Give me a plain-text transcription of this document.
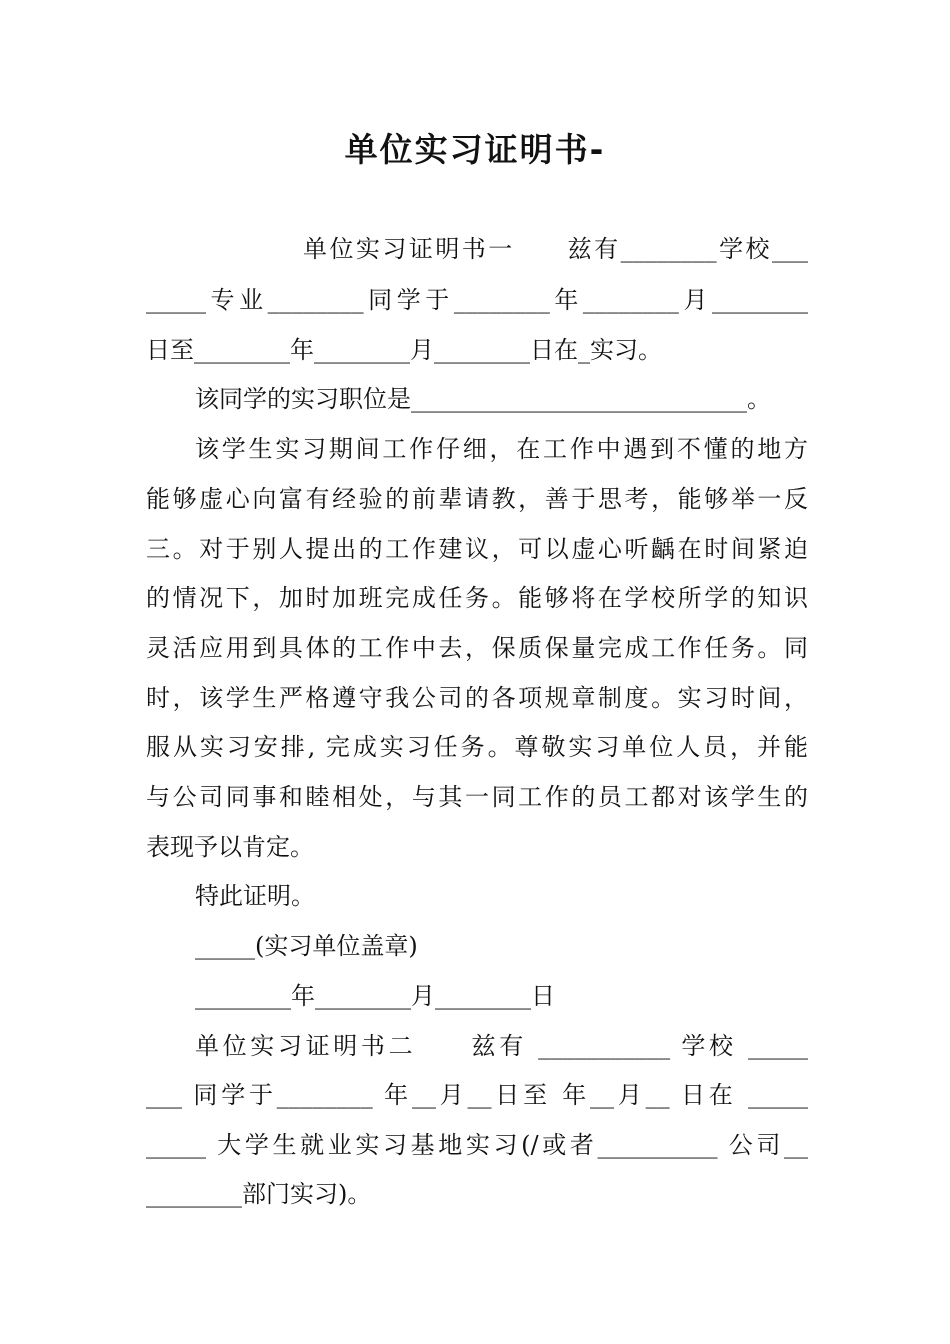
单位实习证明书-
单位实习证明书一　　兹有________学校___
_____专业________同学于________年________月________
日至________年________月________日在_实习。
该同学的实习职位是____________________________。
该学生实习期间工作仔细，在工作中遇到不懂的地方
能够虚心向富有经验的前辈请教，善于思考，能够举一反
三。对于别人提出的工作建议，可以虚心听齲在时间紧迫
的情况下，加时加班完成任务。能够将在学校所学的知识
灵活应用到具体的工作中去，保质保量完成工作任务。同
时，该学生严格遵守我公司的各项规章制度。实习时间，
服从实习安排, 完成实习任务。尊敬实习单位人员，并能
与公司同事和睦相处，与其一同工作的员工都对该学生的
表现予以肯定。
特此证明。
_____(实习单位盖章)
________年________月________日
单位实习证明书二　　兹有 ___________ 学校 _____
___ 同学于________ 年__月__日至 年__月__ 日在 _____
_____ 大学生就业实习基地实习(/或者__________ 公司__
________部门实习)。
